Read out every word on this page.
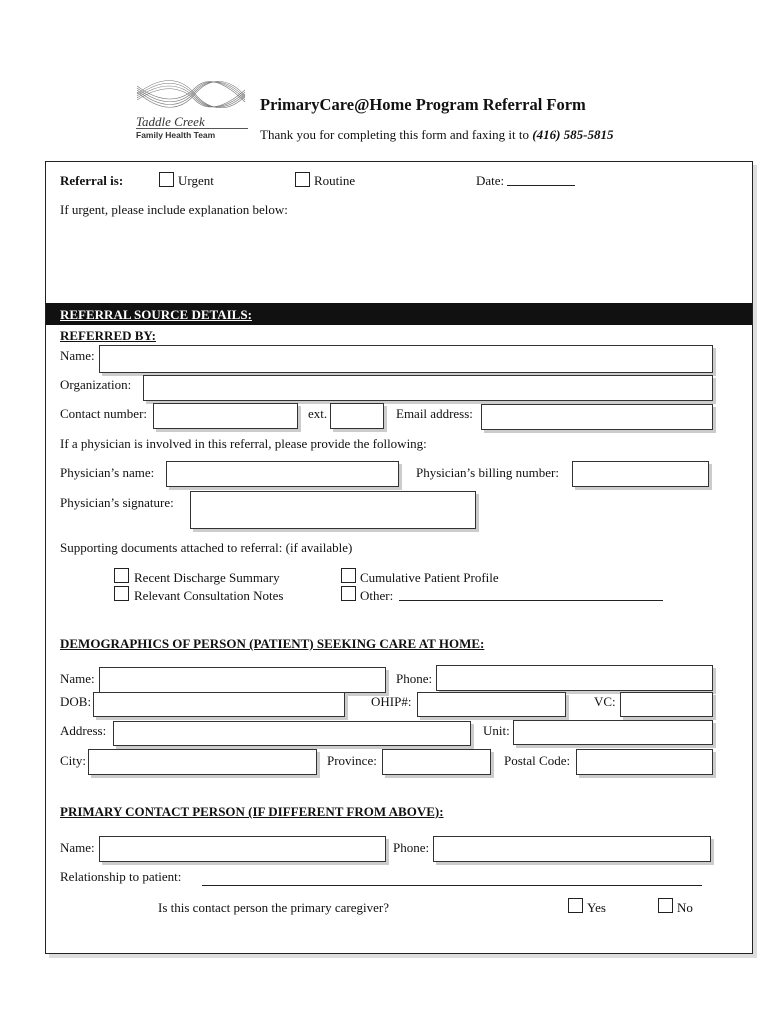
Taddle Creek
Family Health Team
PrimaryCare@Home Program Referral Form
Thank you for completing this form and faxing it to (416) 585-5815
Referral is:	Urgent	Routine	Date:
If urgent, please include explanation below:
REFERRAL SOURCE DETAILS:
REFERRED BY:
Name:
Organization:
Contact number:	ext.	Email address:
If a physician is involved in this referral, please provide the following:
Physician’s name:	Physician’s billing number:
Physician’s signature:
Supporting documents attached to referral: (if available)
Recent Discharge Summary
Relevant Consultation Notes
Cumulative Patient Profile
Other:
DEMOGRAPHICS OF PERSON (PATIENT) SEEKING CARE AT HOME:
Name:	Phone:
DOB:	OHIP#:	VC:
Address:	Unit:
City:	Province:	Postal Code:
PRIMARY CONTACT PERSON (IF DIFFERENT FROM ABOVE):
Name:	Phone:
Relationship to patient:
Is this contact person the primary caregiver?	Yes	No
